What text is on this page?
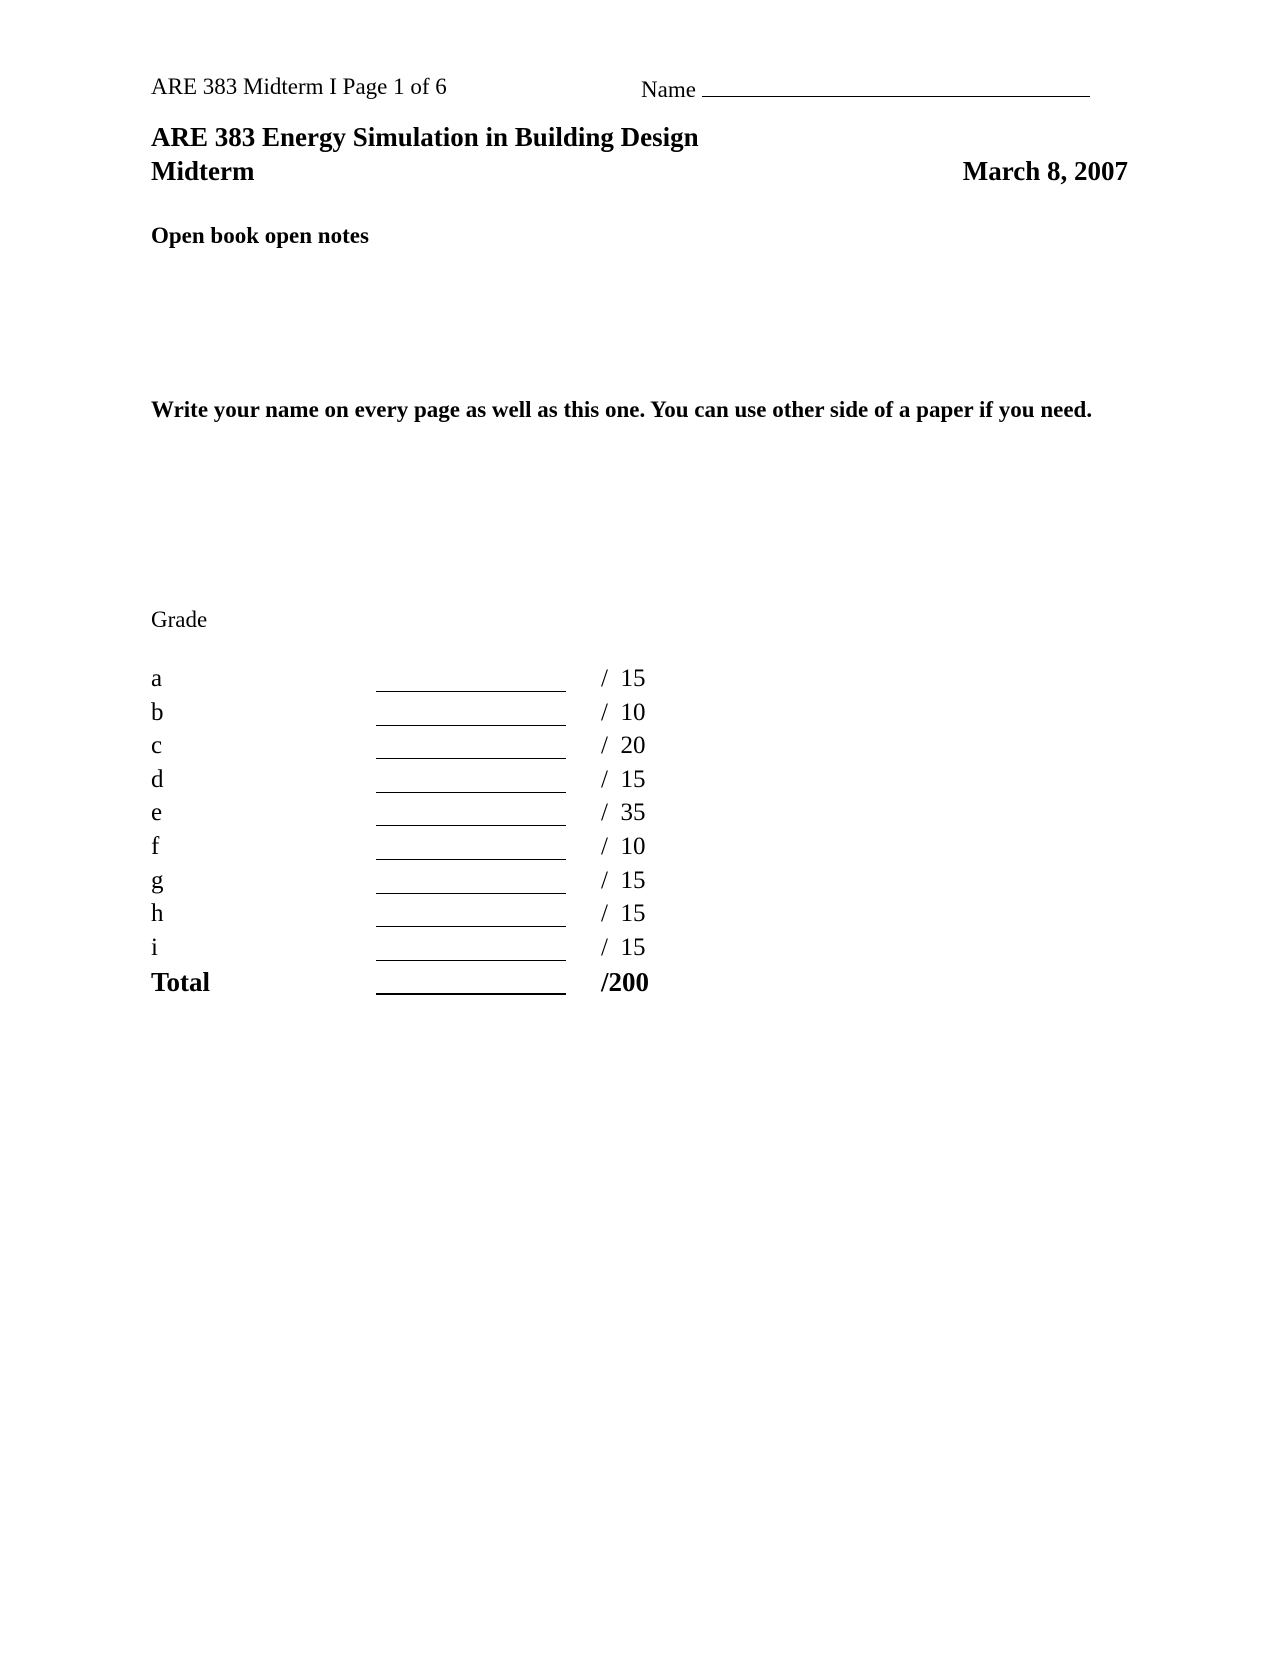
ARE 383 Midterm I Page 1 of 6	Name
ARE 383 Energy Simulation in Building Design
Midterm	March 8, 2007
Open book open notes
Write your name on every page as well as this one. You can use other side of a paper if you need.
Grade
a	/  15
b	/  10
c	/  20
d	/  15
e	/  35
f	/  10
g	/  15
h	/  15
i	/  15
Total	/200
